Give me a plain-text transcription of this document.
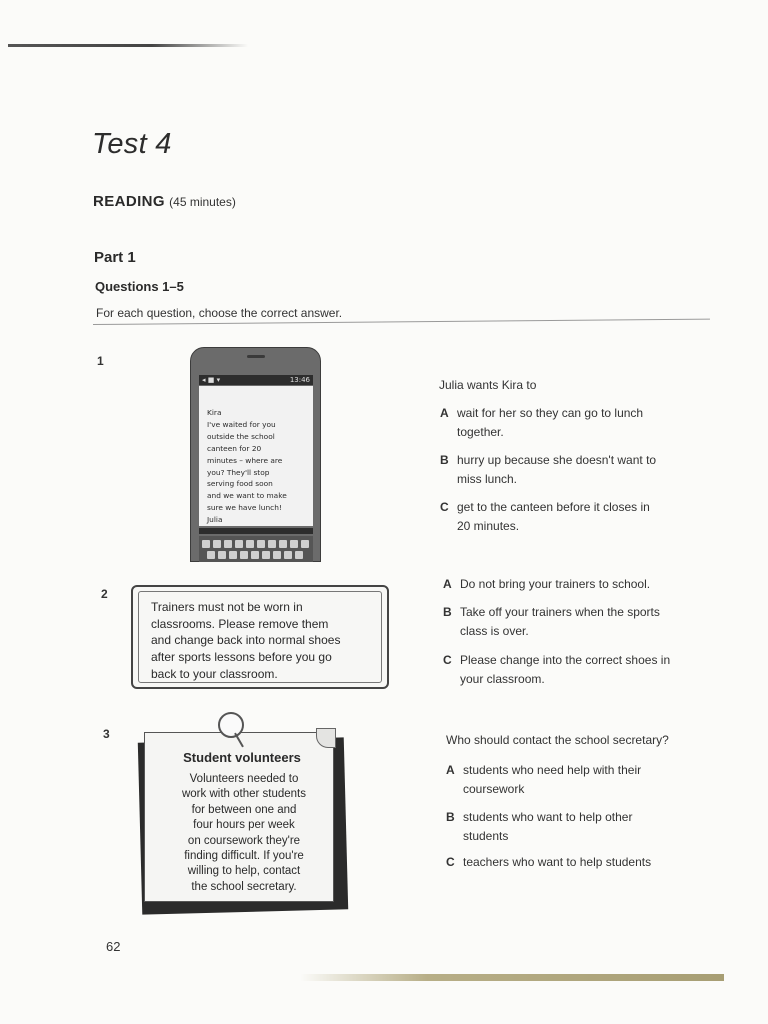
Test 4
READING (45 minutes)
Part 1
Questions 1–5
For each question, choose the correct answer.
1
◂ ■ ▾	13:46
Kira
I've waited for you
outside the school
canteen for 20
minutes – where are
you? They'll stop
serving food soon
and we want to make
sure we have lunch!
Julia
Julia wants Kira to
A wait for her so they can go to lunch
together.
B hurry up because she doesn't want to
miss lunch.
C get to the canteen before it closes in
20 minutes.
2
Trainers must not be worn in
classrooms. Please remove them
and change back into normal shoes
after sports lessons before you go
back to your classroom.
A Do not bring your trainers to school.
B Take off your trainers when the sports
class is over.
C Please change into the correct shoes in
your classroom.
3
Student volunteers
Volunteers needed to
work with other students
for between one and
four hours per week
on coursework they're
finding difficult. If you're
willing to help, contact
the school secretary.
Who should contact the school secretary?
A students who need help with their
coursework
B students who want to help other
students
C teachers who want to help students
62
